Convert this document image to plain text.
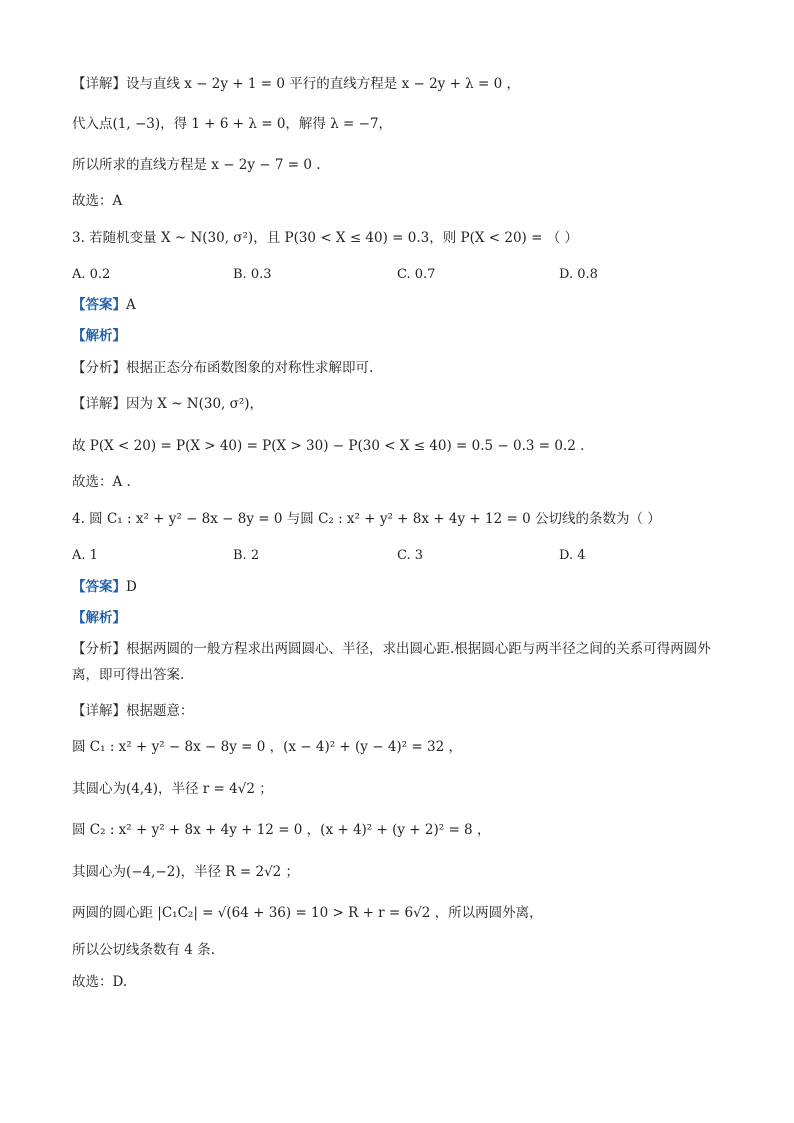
【详解】设与直线 x − 2y + 1 = 0 平行的直线方程是 x − 2y + λ = 0 ，
代入点(1, −3)，得 1 + 6 + λ = 0，解得 λ = −7，
所以所求的直线方程是 x − 2y − 7 = 0 .
故选：A
3. 若随机变量 X ~ N(30, σ²)，且 P(30 < X ≤ 40) = 0.3，则 P(X < 20) = （ ）
A. 0.2	B. 0.3	C. 0.7	D. 0.8
【答案】A
【解析】
【分析】根据正态分布函数图象的对称性求解即可.
【详解】因为 X ~ N(30, σ²)，
故 P(X < 20) = P(X > 40) = P(X > 30) − P(30 < X ≤ 40) = 0.5 − 0.3 = 0.2 .
故选：A .
4. 圆 C₁ : x² + y² − 8x − 8y = 0 与圆 C₂ : x² + y² + 8x + 4y + 12 = 0 公切线的条数为（ ）
A. 1	B. 2	C. 3	D. 4
【答案】D
【解析】
【分析】根据两圆的一般方程求出两圆圆心、半径，求出圆心距.根据圆心距与两半径之间的关系可得两圆外离，即可得出答案.
【详解】根据题意：
圆 C₁ : x² + y² − 8x − 8y = 0 ，(x − 4)² + (y − 4)² = 32 ，
其圆心为(4,4)，半径 r = 4√2 ；
圆 C₂ : x² + y² + 8x + 4y + 12 = 0 ，(x + 4)² + (y + 2)² = 8 ，
其圆心为(−4,−2)，半径 R = 2√2 ；
两圆的圆心距 |C₁C₂| = √(64 + 36) = 10 > R + r = 6√2 ，所以两圆外离，
所以公切线条数有 4 条.
故选：D.
